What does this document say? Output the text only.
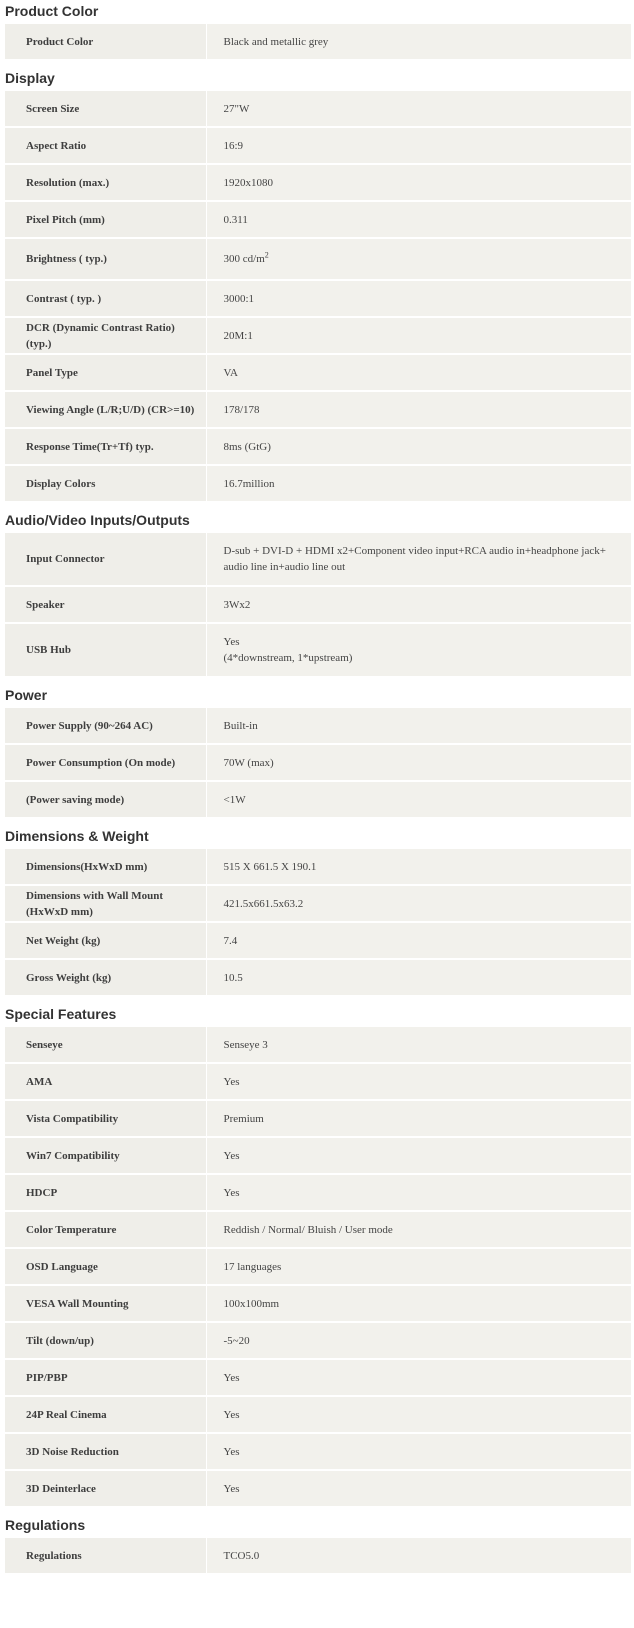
Product Color
Product Color	Black and metallic grey
Display
Screen Size	27"W
Aspect Ratio	16:9
Resolution (max.)	1920x1080
Pixel Pitch (mm)	0.311
Brightness ( typ.)	300 $cd/m^2$
Contrast ( typ. )	3000:1
DCR (Dynamic Contrast Ratio) (typ.)	20M:1
Panel Type	VA
Viewing Angle (L/R;U/D) (CR>=10)	178/178
Response Time(Tr+Tf) typ.	8ms (GtG)
Display Colors	16.7million
Audio/Video Inputs/Outputs
Input Connector	D-sub + DVI-D + HDMI x2+Component video input+RCA audio in+headphone jack+ audio line in+audio line out
Speaker	3Wx2
USB Hub	Yes
(4*downstream, 1*upstream)
Power
Power Supply (90~264 AC)	Built-in
Power Consumption (On mode)	70W (max)
(Power saving mode)	<1W
Dimensions & Weight
Dimensions(HxWxD mm)	515 X 661.5 X 190.1
Dimensions with Wall Mount (HxWxD mm)	421.5x661.5x63.2
Net Weight (kg)	7.4
Gross Weight (kg)	10.5
Special Features
Senseye	Senseye 3
AMA	Yes
Vista Compatibility	Premium
Win7 Compatibility	Yes
HDCP	Yes
Color Temperature	Reddish / Normal/ Bluish / User mode
OSD Language	17 languages
VESA Wall Mounting	100x100mm
Tilt (down/up)	-5~20
PIP/PBP	Yes
24P Real Cinema	Yes
3D Noise Reduction	Yes
3D Deinterlace	Yes
Regulations
Regulations	TCO5.0
